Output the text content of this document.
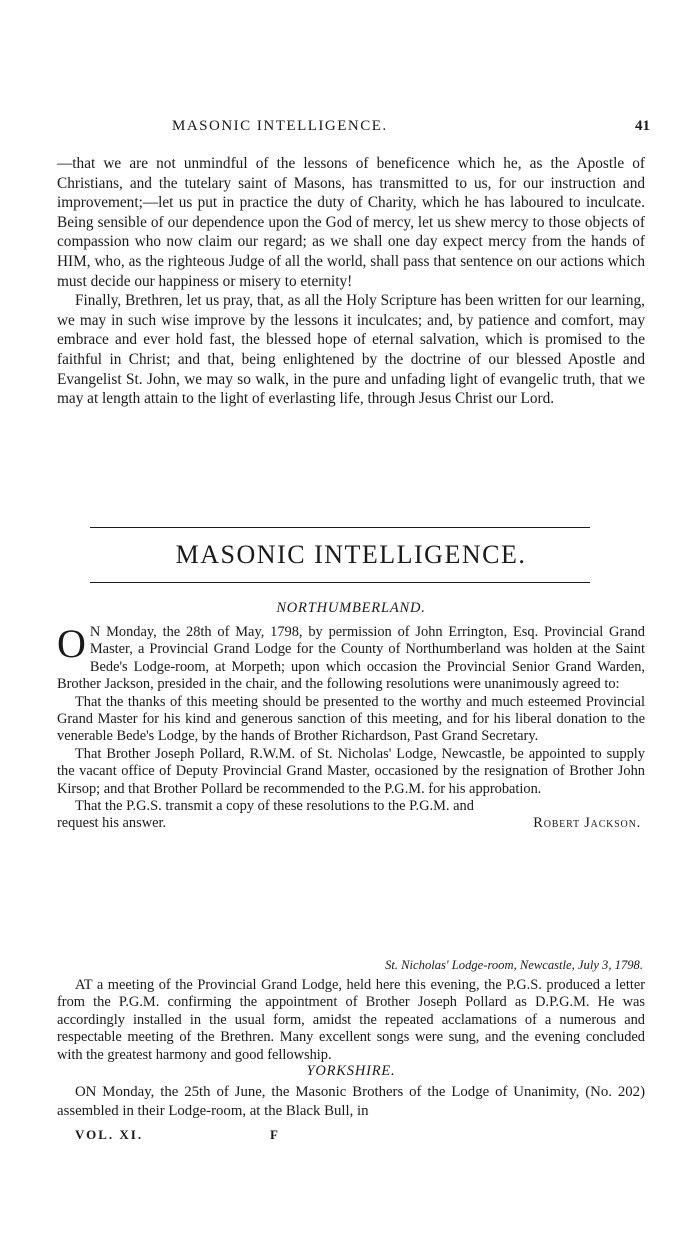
MASONIC INTELLIGENCE.	41

—that we are not unmindful of the lessons of beneficence which he, as the Apostle of Christians, and the tutelary saint of Masons, has transmitted to us, for our instruction and improvement;—let us put in practice the duty of Charity, which he has laboured to inculcate. Being sensible of our dependence upon the God of mercy, let us shew mercy to those objects of compassion who now claim our regard; as we shall one day expect mercy from the hands of HIM, who, as the righteous Judge of all the world, shall pass that sentence on our actions which must decide our happiness or misery to eternity!

Finally, Brethren, let us pray, that, as all the Holy Scripture has been written for our learning, we may in such wise improve by the lessons it inculcates; and, by patience and comfort, may embrace and ever hold fast, the blessed hope of eternal salvation, which is promised to the faithful in Christ; and that, being enlightened by the doctrine of our blessed Apostle and Evangelist St. John, we may so walk, in the pure and unfading light of evangelic truth, that we may at length attain to the light of everlasting life, through Jesus Christ our Lord.

MASONIC INTELLIGENCE.
NORTHUMBERLAND.

O N Monday, the 28th of May, 1798, by permission of John Errington, Esq. Provincial Grand Master, a Provincial Grand Lodge for the County of Northumberland was holden at the Saint Bede's Lodge-room, at Morpeth; upon which occasion the Provincial Senior Grand Warden, Brother Jackson, presided in the chair, and the following resolutions were unanimously agreed to:

That the thanks of this meeting should be presented to the worthy and much esteemed Provincial Grand Master for his kind and generous sanction of this meeting, and for his liberal donation to the venerable Bede's Lodge, by the hands of Brother Richardson, Past Grand Secretary.

That Brother Joseph Pollard, R.W.M. of St. Nicholas' Lodge, Newcastle, be appointed to supply the vacant office of Deputy Provincial Grand Master, occasioned by the resignation of Brother John Kirsop; and that Brother Pollard be recommended to the P.G.M. for his approbation.

That the P.G.S. transmit a copy of these resolutions to the P.G.M. and

request his answer.	Robert Jackson.
St. Nicholas' Lodge-room, Newcastle, July 3, 1798.

AT a meeting of the Provincial Grand Lodge, held here this evening, the P.G.S. produced a letter from the P.G.M. confirming the appointment of Brother Joseph Pollard as D.P.G.M. He was accordingly installed in the usual form, amidst the repeated acclamations of a numerous and respectable meeting of the Brethren. Many excellent songs were sung, and the evening concluded with the greatest harmony and good fellowship.

YORKSHIRE.

ON Monday, the 25th of June, the Masonic Brothers of the Lodge of Unanimity, (No. 202) assembled in their Lodge-room, at the Black Bull, in

VOL. XI.	F
